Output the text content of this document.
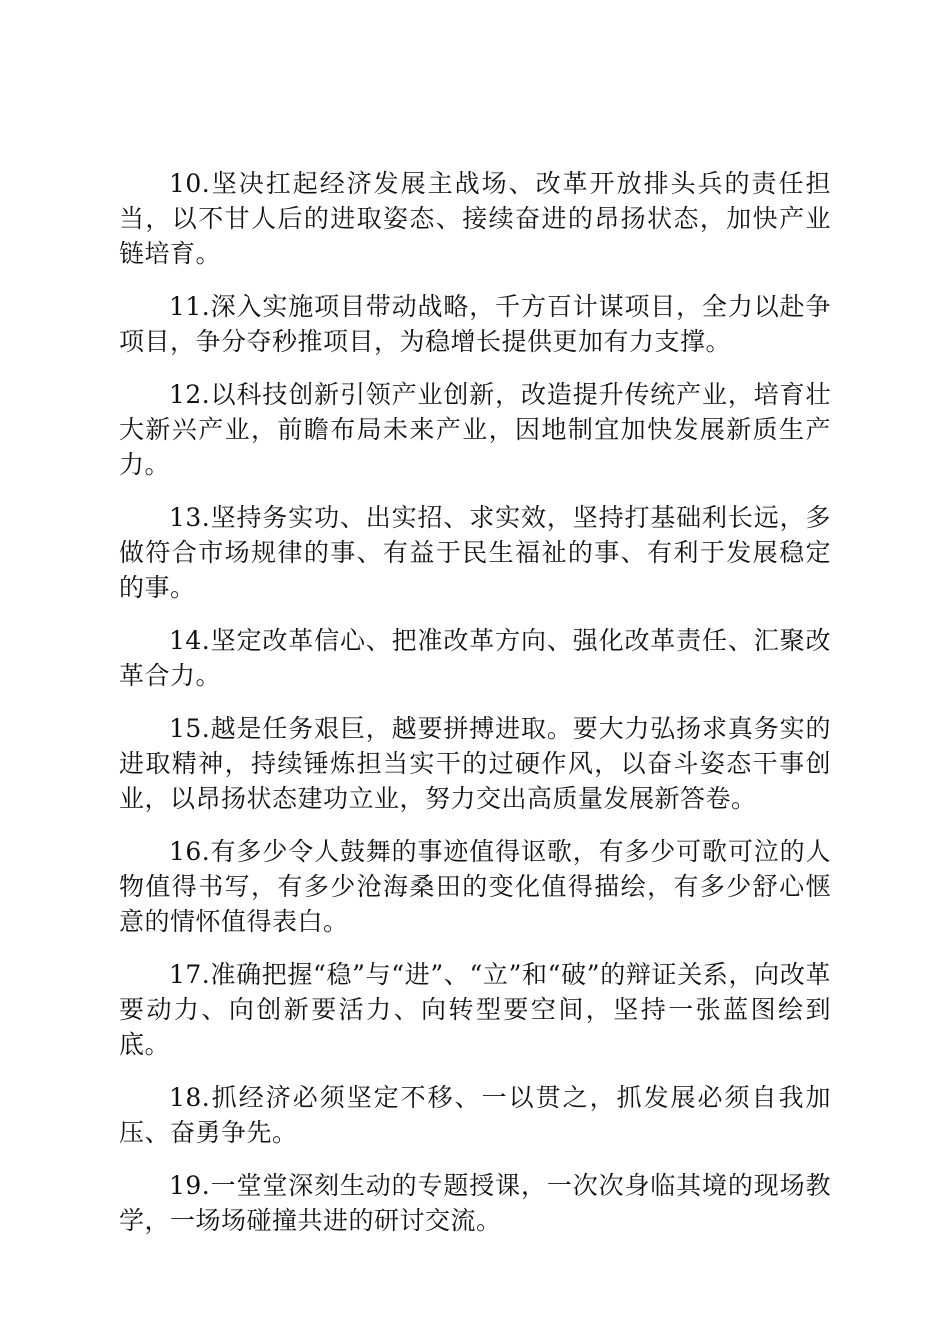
10.坚决扛起经济发展主战场、改革开放排头兵的责任担当，以不甘人后的进取姿态、接续奋进的昂扬状态，加快产业链培育。

11.深入实施项目带动战略，千方百计谋项目，全力以赴争项目，争分夺秒推项目，为稳增长提供更加有力支撑。

12.以科技创新引领产业创新，改造提升传统产业，培育壮大新兴产业，前瞻布局未来产业，因地制宜加快发展新质生产力。

13.坚持务实功、出实招、求实效，坚持打基础利长远，多做符合市场规律的事、有益于民生福祉的事、有利于发展稳定的事。

14.坚定改革信心、把准改革方向、强化改革责任、汇聚改革合力。

15.越是任务艰巨，越要拼搏进取。要大力弘扬求真务实的进取精神，持续锤炼担当实干的过硬作风，以奋斗姿态干事创业，以昂扬状态建功立业，努力交出高质量发展新答卷。

16.有多少令人鼓舞的事迹值得讴歌，有多少可歌可泣的人物值得书写，有多少沧海桑田的变化值得描绘，有多少舒心惬意的情怀值得表白。

17.准确把握“稳”与“进”、“立”和“破”的辩证关系，向改革要动力、向创新要活力、向转型要空间，坚持一张蓝图绘到底。

18.抓经济必须坚定不移、一以贯之，抓发展必须自我加压、奋勇争先。

19.一堂堂深刻生动的专题授课，一次次身临其境的现场教学，一场场碰撞共进的研讨交流。
